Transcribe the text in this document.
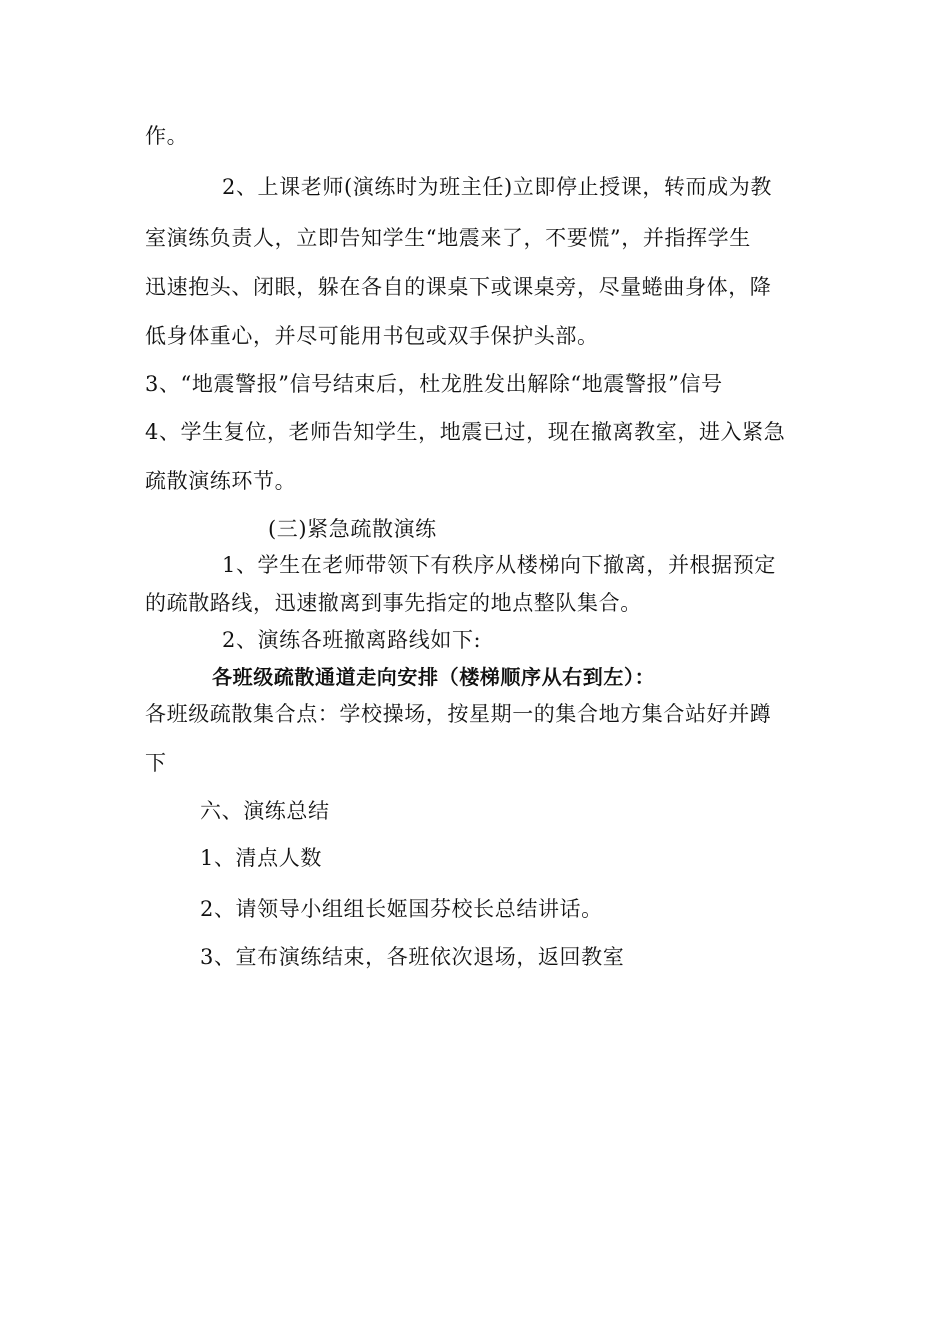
作。
2、上课老师(演练时为班主任)立即停止授课，转而成为教
室演练负责人，立即告知学生“地震来了，不要慌”，并指挥学生
迅速抱头、闭眼，躲在各自的课桌下或课桌旁，尽量蜷曲身体，降
低身体重心，并尽可能用书包或双手保护头部。
3、“地震警报”信号结束后，杜龙胜发出解除“地震警报”信号
4、学生复位，老师告知学生，地震已过，现在撤离教室，进入紧急
疏散演练环节。
(三)紧急疏散演练
1、学生在老师带领下有秩序从楼梯向下撤离，并根据预定
的疏散路线，迅速撤离到事先指定的地点整队集合。
2、演练各班撤离路线如下:
各班级疏散通道走向安排（楼梯顺序从右到左）：
各班级疏散集合点：学校操场，按星期一的集合地方集合站好并蹲
下
六、演练总结
1、清点人数
2、请领导小组组长姬国芬校长总结讲话。
3、宣布演练结束，各班依次退场，返回教室
